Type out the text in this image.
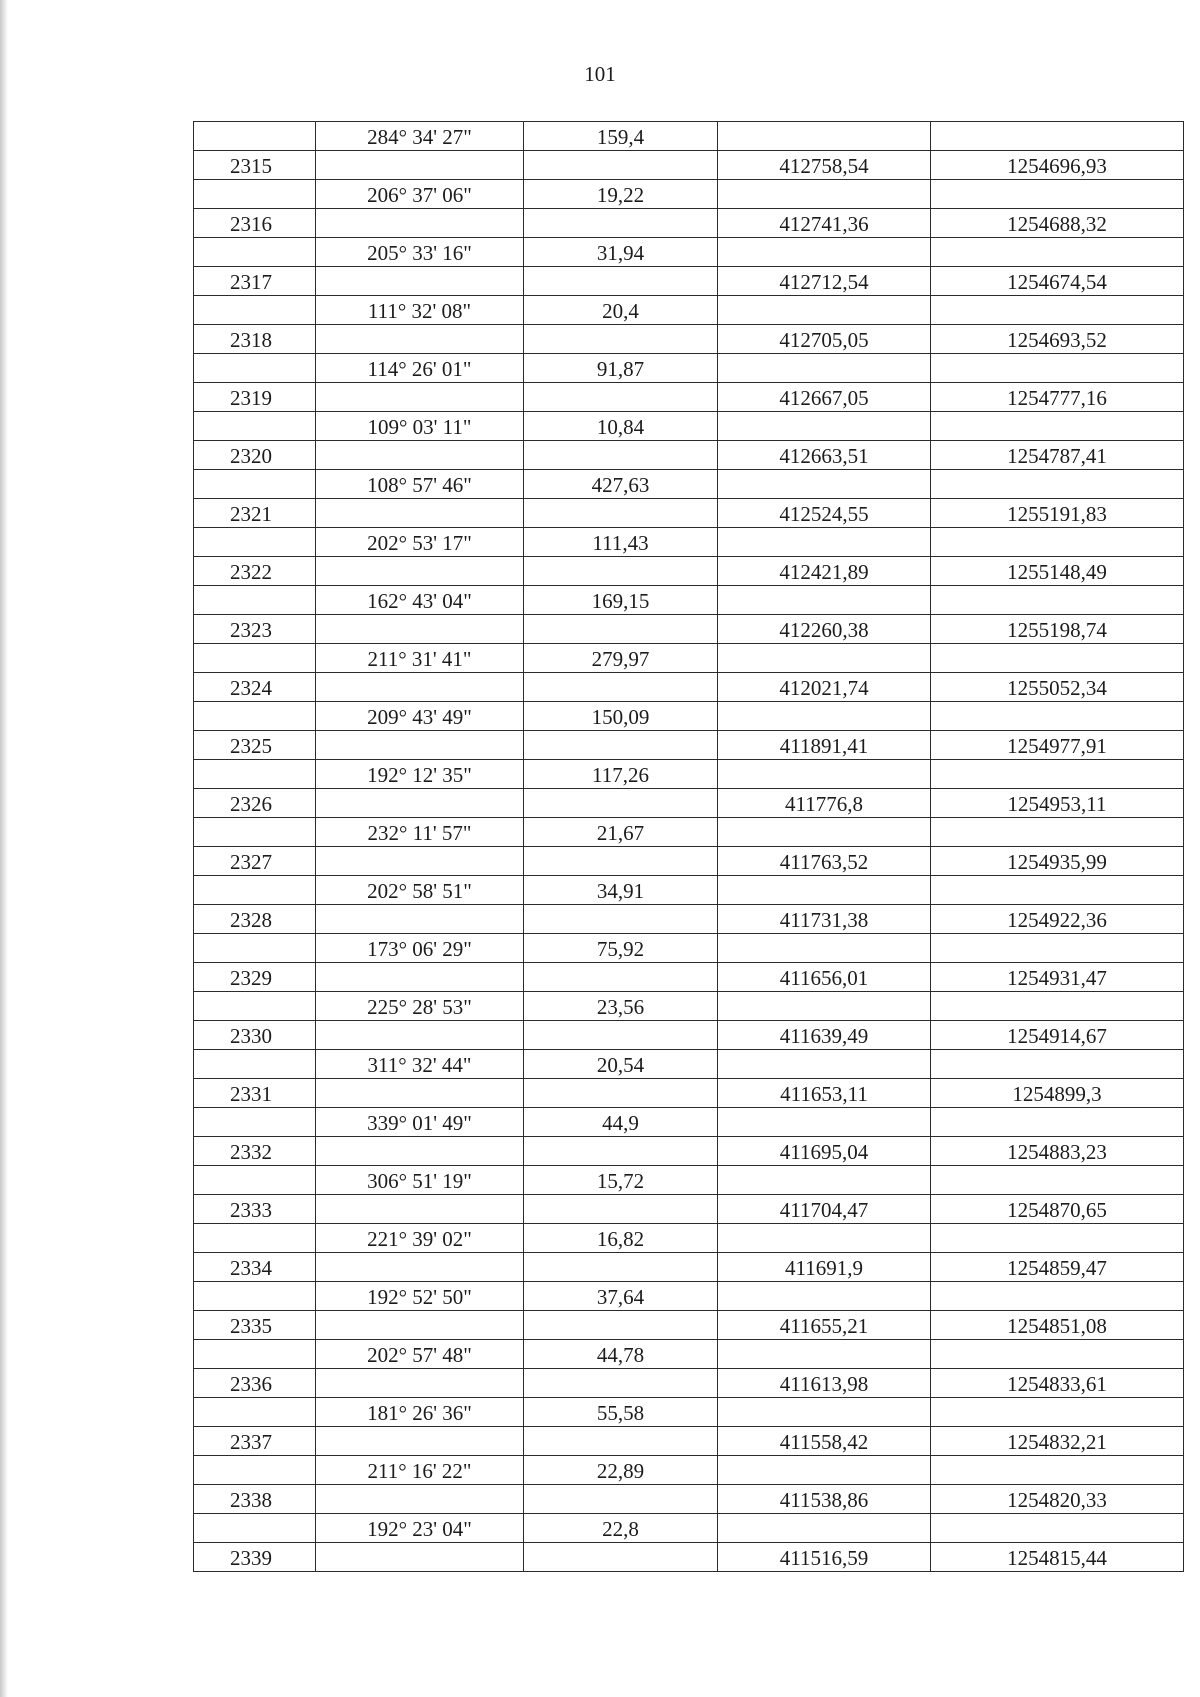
101
	284° 34' 27"	159,4		
2315			412758,54	1254696,93
	206° 37' 06"	19,22		
2316			412741,36	1254688,32
	205° 33' 16"	31,94		
2317			412712,54	1254674,54
	111° 32' 08"	20,4		
2318			412705,05	1254693,52
	114° 26' 01"	91,87		
2319			412667,05	1254777,16
	109° 03' 11"	10,84		
2320			412663,51	1254787,41
	108° 57' 46"	427,63		
2321			412524,55	1255191,83
	202° 53' 17"	111,43		
2322			412421,89	1255148,49
	162° 43' 04"	169,15		
2323			412260,38	1255198,74
	211° 31' 41"	279,97		
2324			412021,74	1255052,34
	209° 43' 49"	150,09		
2325			411891,41	1254977,91
	192° 12' 35"	117,26		
2326			411776,8	1254953,11
	232° 11' 57"	21,67		
2327			411763,52	1254935,99
	202° 58' 51"	34,91		
2328			411731,38	1254922,36
	173° 06' 29"	75,92		
2329			411656,01	1254931,47
	225° 28' 53"	23,56		
2330			411639,49	1254914,67
	311° 32' 44"	20,54		
2331			411653,11	1254899,3
	339° 01' 49"	44,9		
2332			411695,04	1254883,23
	306° 51' 19"	15,72		
2333			411704,47	1254870,65
	221° 39' 02"	16,82		
2334			411691,9	1254859,47
	192° 52' 50"	37,64		
2335			411655,21	1254851,08
	202° 57' 48"	44,78		
2336			411613,98	1254833,61
	181° 26' 36"	55,58		
2337			411558,42	1254832,21
	211° 16' 22"	22,89		
2338			411538,86	1254820,33
	192° 23' 04"	22,8		
2339			411516,59	1254815,44
